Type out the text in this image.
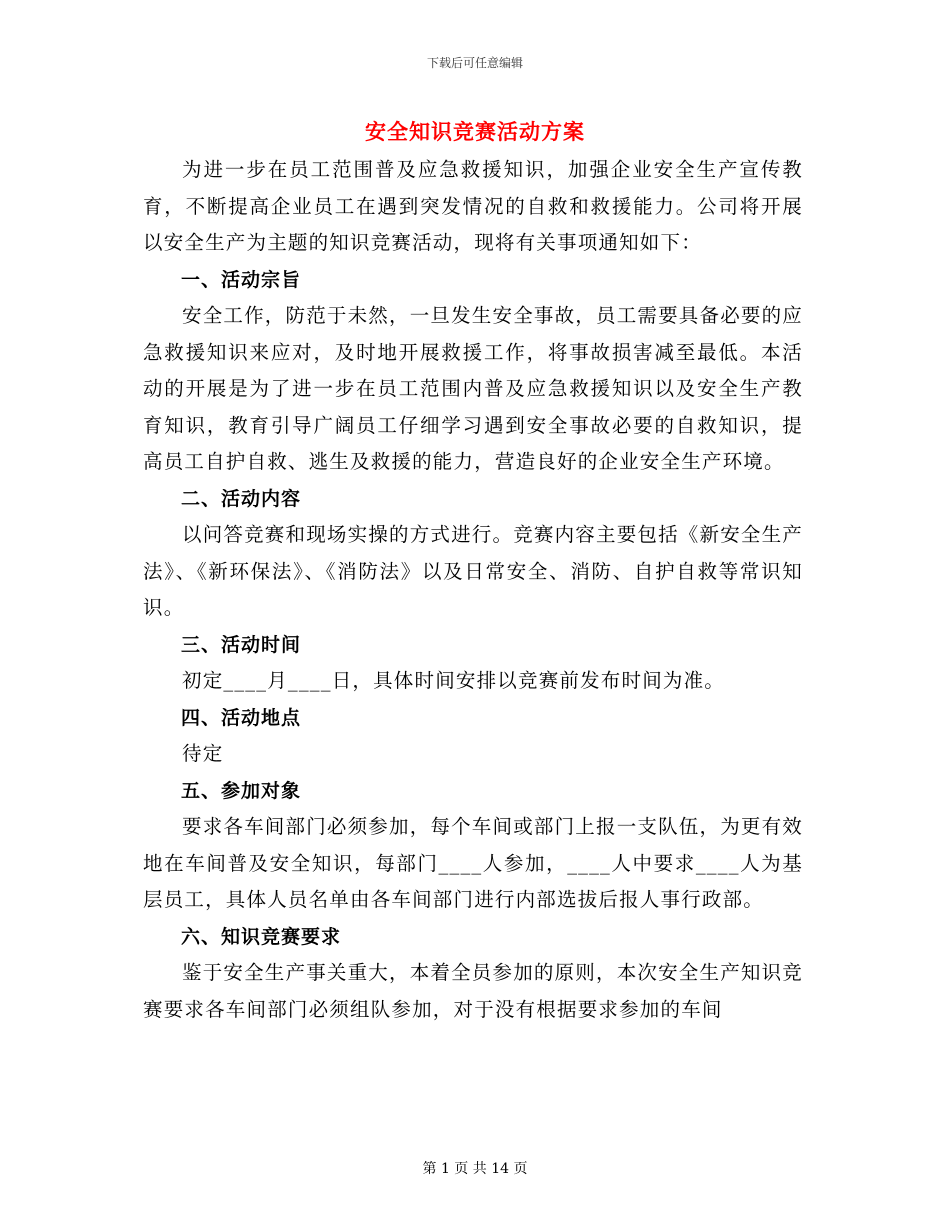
下载后可任意编辑
安全知识竞赛活动方案

为进一步在员工范围普及应急救援知识，加强企业安全生产宣传教育，不断提高企业员工在遇到突发情况的自救和救援能力。公司将开展以安全生产为主题的知识竞赛活动，现将有关事项通知如下：

一、活动宗旨

安全工作，防范于未然，一旦发生安全事故，员工需要具备必要的应急救援知识来应对，及时地开展救援工作，将事故损害减至最低。本活动的开展是为了进一步在员工范围内普及应急救援知识以及安全生产教育知识，教育引导广阔员工仔细学习遇到安全事故必要的自救知识，提高员工自护自救、逃生及救援的能力，营造良好的企业安全生产环境。

二、活动内容

以问答竞赛和现场实操的方式进行。竞赛内容主要包括《新安全生产法》、《新环保法》、《消防法》以及日常安全、消防、自护自救等常识知识。

三、活动时间

初定____月____日，具体时间安排以竞赛前发布时间为准。

四、活动地点

待定

五、参加对象

要求各车间部门必须参加，每个车间或部门上报一支队伍，为更有效地在车间普及安全知识，每部门____人参加，____人中要求____人为基层员工，具体人员名单由各车间部门进行内部选拔后报人事行政部。

六、知识竞赛要求

鉴于安全生产事关重大，本着全员参加的原则，本次安全生产知识竞赛要求各车间部门必须组队参加，对于没有根据要求参加的车间

第 1 页 共 14 页
